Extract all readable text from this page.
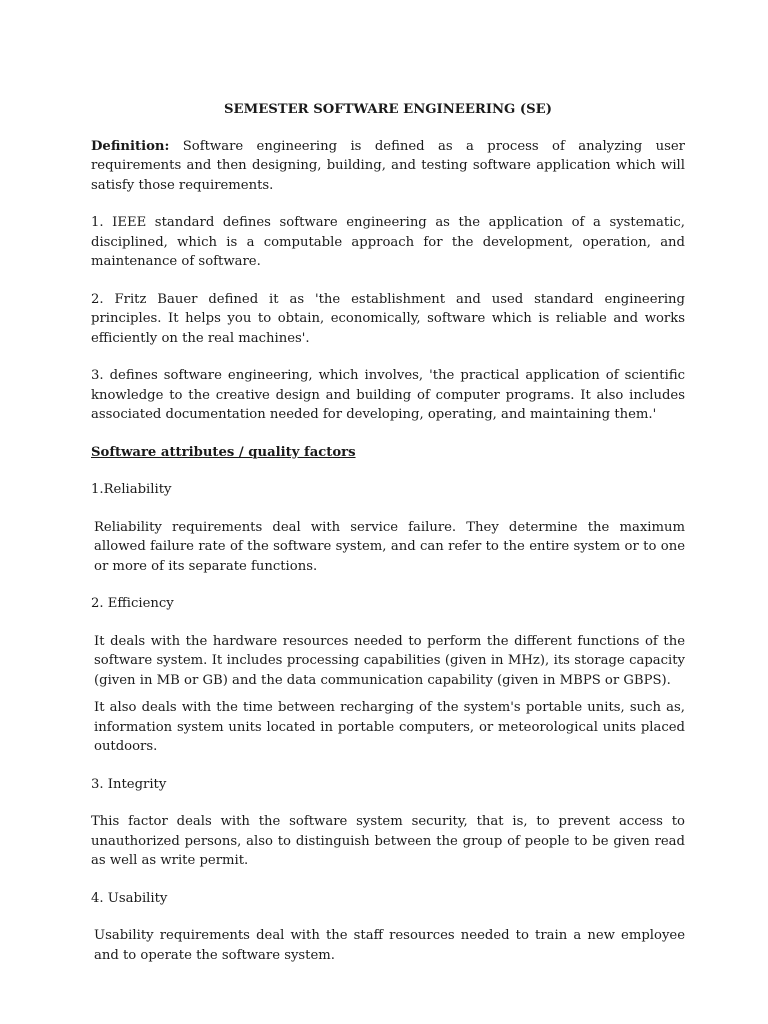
SEMESTER SOFTWARE ENGINEERING (SE)

Definition: Software engineering is defined as a process of analyzing user requirements and then designing, building, and testing software application which will satisfy those requirements.

1. IEEE standard defines software engineering as the application of a systematic, disciplined, which is a computable approach for the development, operation, and maintenance of software.

2. Fritz Bauer defined it as 'the establishment and used standard engineering principles. It helps you to obtain, economically, software which is reliable and works efficiently on the real machines'.

3. defines software engineering, which involves, 'the practical application of scientific knowledge to the creative design and building of computer programs. It also includes associated documentation needed for developing, operating, and maintaining them.'

Software attributes / quality factors
1.Reliability

Reliability requirements deal with service failure. They determine the maximum allowed failure rate of the software system, and can refer to the entire system or to one or more of its separate functions.

2. Efficiency

It deals with the hardware resources needed to perform the different functions of the software system. It includes processing capabilities (given in MHz), its storage capacity (given in MB or GB) and the data communication capability (given in MBPS or GBPS).

It also deals with the time between recharging of the system's portable units, such as, information system units located in portable computers, or meteorological units placed outdoors.

3. Integrity

This factor deals with the software system security, that is, to prevent access to unauthorized persons, also to distinguish between the group of people to be given read as well as write permit.

4. Usability

Usability requirements deal with the staff resources needed to train a new employee and to operate the software system.
